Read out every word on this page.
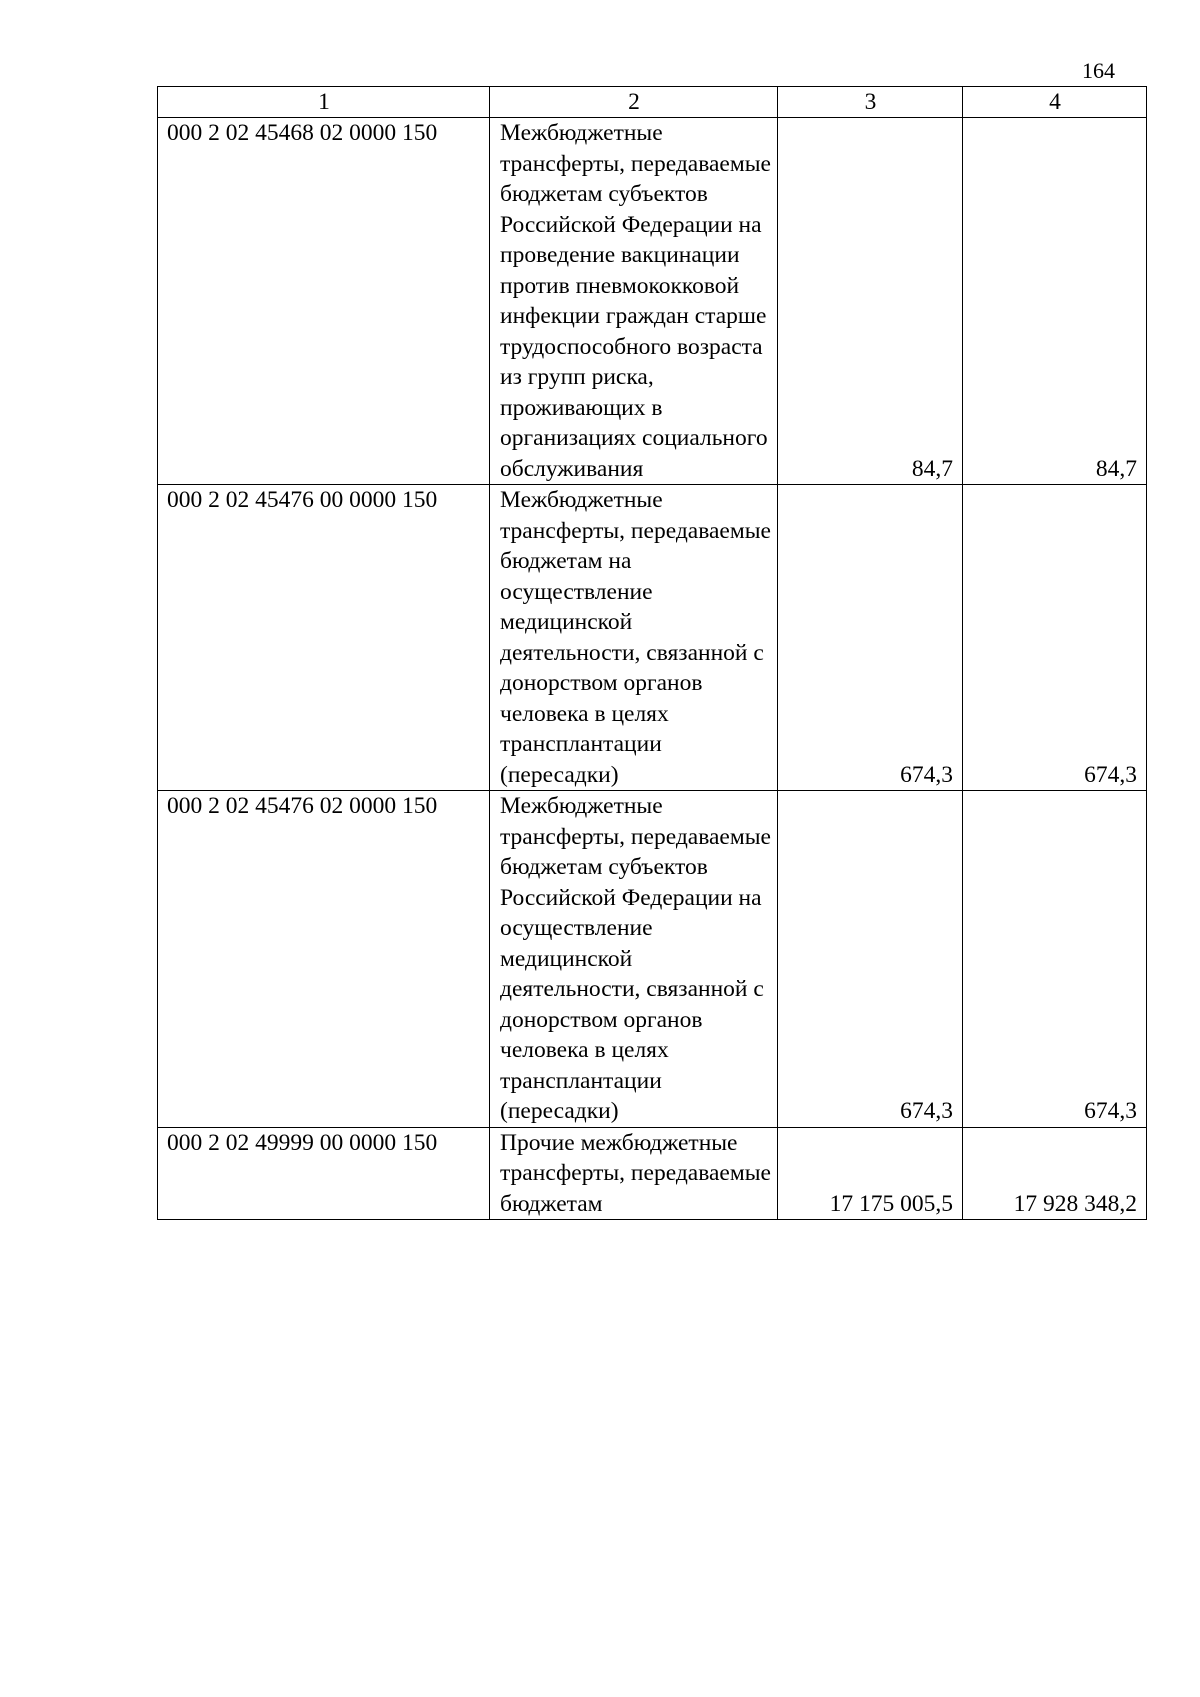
164
1	2	3	4
000 2 02 45468 02 0000 150	Межбюджетные трансферты, передаваемые бюджетам субъектов Российской Федерации на проведение вакцинации против пневмококковой инфекции граждан старше трудоспособного возраста из групп риска, проживающих в организациях социального обслуживания	84,7	84,7
000 2 02 45476 00 0000 150	Межбюджетные трансферты, передаваемые бюджетам на осуществление медицинской деятельности, связанной с донорством органов человека в целях трансплантации (пересадки)	674,3	674,3
000 2 02 45476 02 0000 150	Межбюджетные трансферты, передаваемые бюджетам субъектов Российской Федерации на осуществление медицинской деятельности, связанной с донорством органов человека в целях трансплантации (пересадки)	674,3	674,3
000 2 02 49999 00 0000 150	Прочие межбюджетные трансферты, передаваемые бюджетам	17 175 005,5	17 928 348,2
